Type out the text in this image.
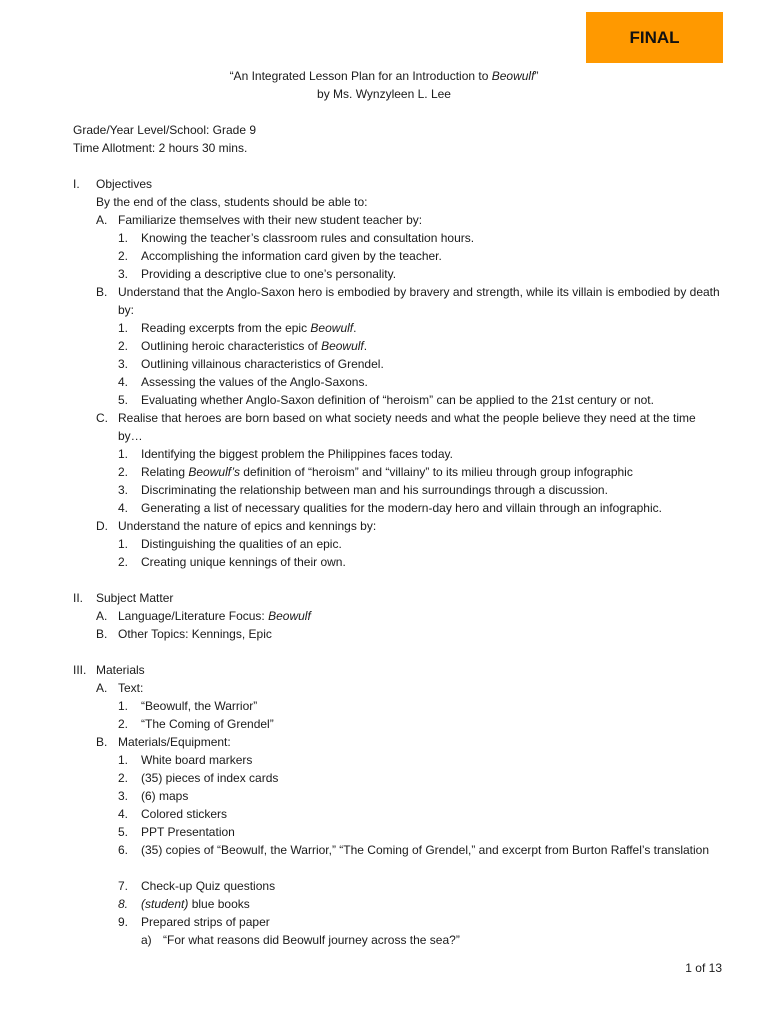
FINAL
“An Integrated Lesson Plan for an Introduction to Beowulf”
by Ms. Wynzyleen L. Lee
Grade/Year Level/School: Grade 9
Time Allotment: 2 hours 30 mins.
I. Objectives
By the end of the class, students should be able to:
A. Familiarize themselves with their new student teacher by:
1. Knowing the teacher’s classroom rules and consultation hours.
2. Accomplishing the information card given by the teacher.
3. Providing a descriptive clue to one’s personality.
B. Understand that the Anglo-Saxon hero is embodied by bravery and strength, while its villain is embodied by death by:
1. Reading excerpts from the epic Beowulf.
2. Outlining heroic characteristics of Beowulf.
3. Outlining villainous characteristics of Grendel.
4. Assessing the values of the Anglo-Saxons.
5. Evaluating whether Anglo-Saxon definition of “heroism” can be applied to the 21st century or not.
C. Realise that heroes are born based on what society needs and what the people believe they need at the time by…
1. Identifying the biggest problem the Philippines faces today.
2. Relating Beowulf’s definition of “heroism” and “villainy” to its milieu through group infographic
3. Discriminating the relationship between man and his surroundings through a discussion.
4. Generating a list of necessary qualities for the modern-day hero and villain through an infographic.
D. Understand the nature of epics and kennings by:
1. Distinguishing the qualities of an epic.
2. Creating unique kennings of their own.
II. Subject Matter
A. Language/Literature Focus: Beowulf
B. Other Topics: Kennings, Epic
III. Materials
A. Text:
1. “Beowulf, the Warrior”
2. “The Coming of Grendel”
B. Materials/Equipment:
1. White board markers
2. (35) pieces of index cards
3. (6) maps
4. Colored stickers
5. PPT Presentation
6. (35) copies of “Beowulf, the Warrior,” “The Coming of Grendel,” and excerpt from Burton Raffel’s translation
7. Check-up Quiz questions
8. (student) blue books
9. Prepared strips of paper
a) “For what reasons did Beowulf journey across the sea?”
1 of 13
